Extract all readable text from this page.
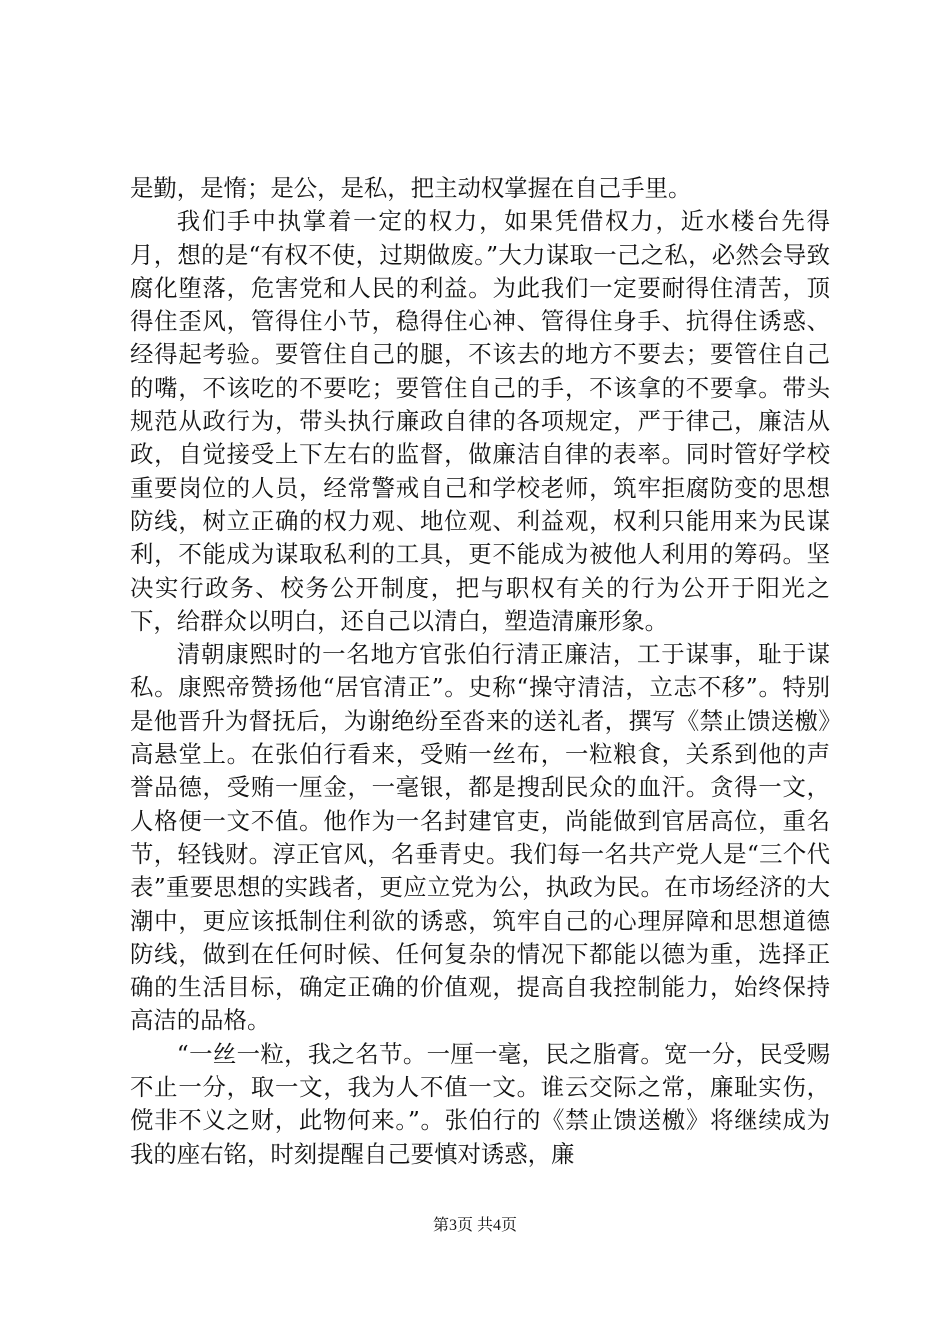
是勤，是惰；是公，是私，把主动权掌握在自己手里。

我们手中执掌着一定的权力，如果凭借权力，近水楼台先得月，想的是“有权不使，过期做废。”大力谋取一己之私，必然会导致腐化堕落，危害党和人民的利益。为此我们一定要耐得住清苦，顶得住歪风，管得住小节，稳得住心神、管得住身手、抗得住诱惑、经得起考验。要管住自己的腿，不该去的地方不要去；要管住自己的嘴，不该吃的不要吃；要管住自己的手，不该拿的不要拿。带头规范从政行为，带头执行廉政自律的各项规定，严于律己，廉洁从政，自觉接受上下左右的监督，做廉洁自律的表率。同时管好学校重要岗位的人员，经常警戒自己和学校老师，筑牢拒腐防变的思想防线，树立正确的权力观、地位观、利益观，权利只能用来为民谋利，不能成为谋取私利的工具，更不能成为被他人利用的筹码。坚决实行政务、校务公开制度，把与职权有关的行为公开于阳光之下，给群众以明白，还自己以清白，塑造清廉形象。

清朝康熙时的一名地方官张伯行清正廉洁，工于谋事，耻于谋私。康熙帝赞扬他“居官清正”。史称“操守清洁，立志不移”。特别是他晋升为督抚后，为谢绝纷至沓来的送礼者，撰写《禁止馈送檄》高悬堂上。在张伯行看来，受贿一丝布，一粒粮食，关系到他的声誉品德，受贿一厘金，一毫银，都是搜刮民众的血汗。贪得一文，人格便一文不值。他作为一名封建官吏，尚能做到官居高位，重名节，轻钱财。淳正官风，名垂青史。我们每一名共产党人是“三个代表”重要思想的实践者，更应立党为公，执政为民。在市场经济的大潮中，更应该抵制住利欲的诱惑，筑牢自己的心理屏障和思想道德防线，做到在任何时候、任何复杂的情况下都能以德为重，选择正确的生活目标，确定正确的价值观，提高自我控制能力，始终保持高洁的品格。

“一丝一粒，我之名节。一厘一毫，民之脂膏。宽一分，民受赐不止一分，取一文，我为人不值一文。谁云交际之常，廉耻实伤，傥非不义之财，此物何来。”。张伯行的《禁止馈送檄》将继续成为我的座右铭，时刻提醒自己要慎对诱惑，廉

第3页 共4页
